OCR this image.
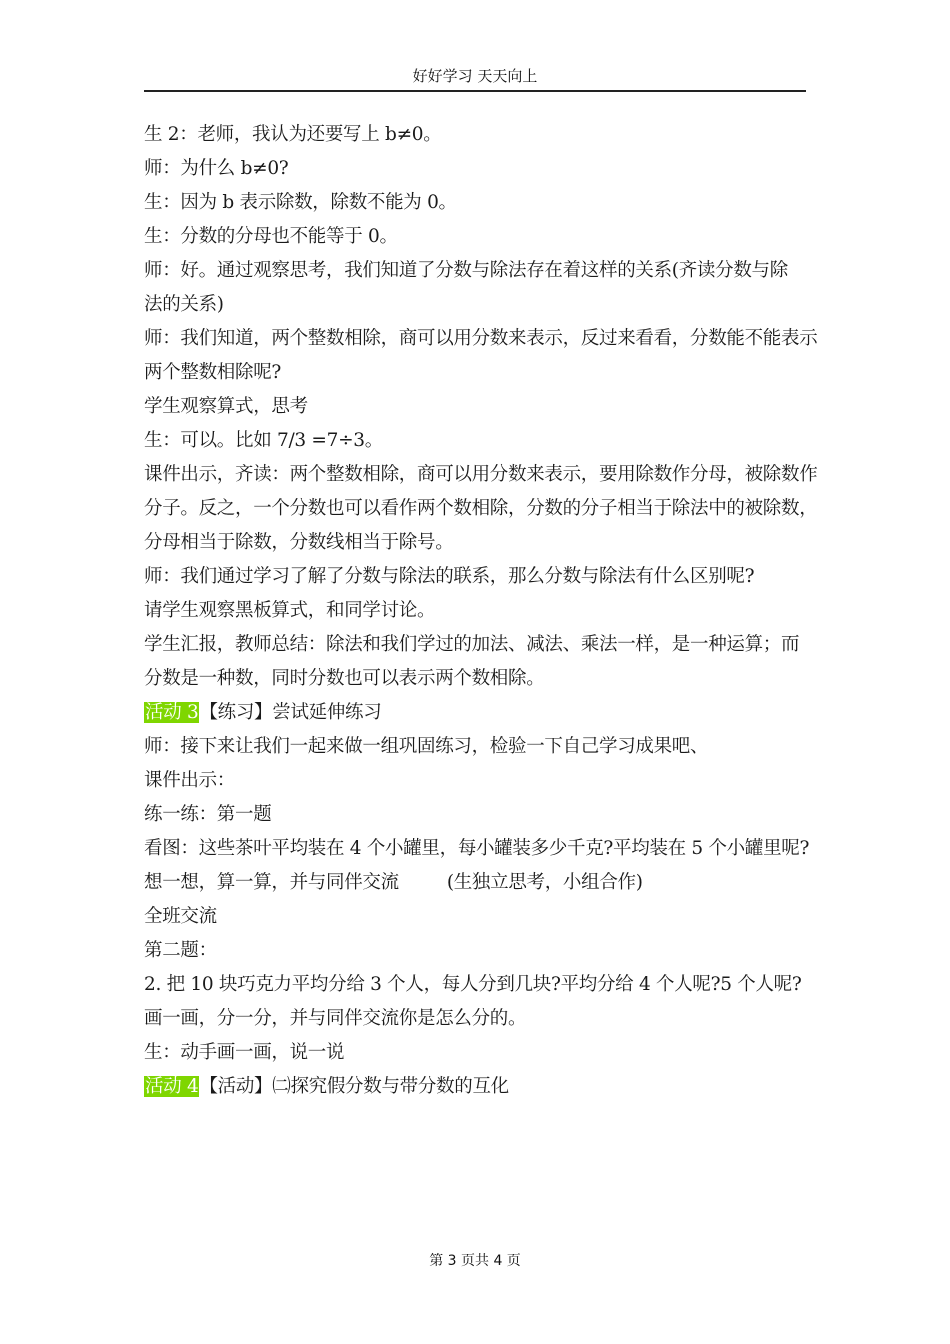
好好学习 天天向上
生 2：老师，我认为还要写上 b≠0。
师：为什么 b≠0?
生：因为 b 表示除数，除数不能为 0。
生：分数的分母也不能等于 0。
师：好。通过观察思考，我们知道了分数与除法存在着这样的关系(齐读分数与除
法的关系)
师：我们知道，两个整数相除，商可以用分数来表示，反过来看看，分数能不能表示
两个整数相除呢?
学生观察算式，思考
生：可以。比如 7/3 =7÷3。
课件出示，齐读：两个整数相除，商可以用分数来表示，要用除数作分母，被除数作
分子。反之，一个分数也可以看作两个数相除，分数的分子相当于除法中的被除数，
分母相当于除数，分数线相当于除号。
师：我们通过学习了解了分数与除法的联系，那么分数与除法有什么区别呢?
请学生观察黑板算式，和同学讨论。
学生汇报，教师总结：除法和我们学过的加法、减法、乘法一样，是一种运算；而
分数是一种数，同时分数也可以表示两个数相除。
活动 3【练习】尝试延伸练习
师：接下来让我们一起来做一组巩固练习，检验一下自己学习成果吧、
课件出示：
练一练：第一题
看图：这些茶叶平均装在 4 个小罐里，每小罐装多少千克?平均装在 5 个小罐里呢?
想一想，算一算，并与同伴交流	(生独立思考，小组合作)
全班交流
第二题：
2. 把 10 块巧克力平均分给 3 个人，每人分到几块?平均分给 4 个人呢?5 个人呢?
画一画，分一分，并与同伴交流你是怎么分的。
生：动手画一画，说一说
活动 4【活动】㈡探究假分数与带分数的互化
第 3 页共 4 页
